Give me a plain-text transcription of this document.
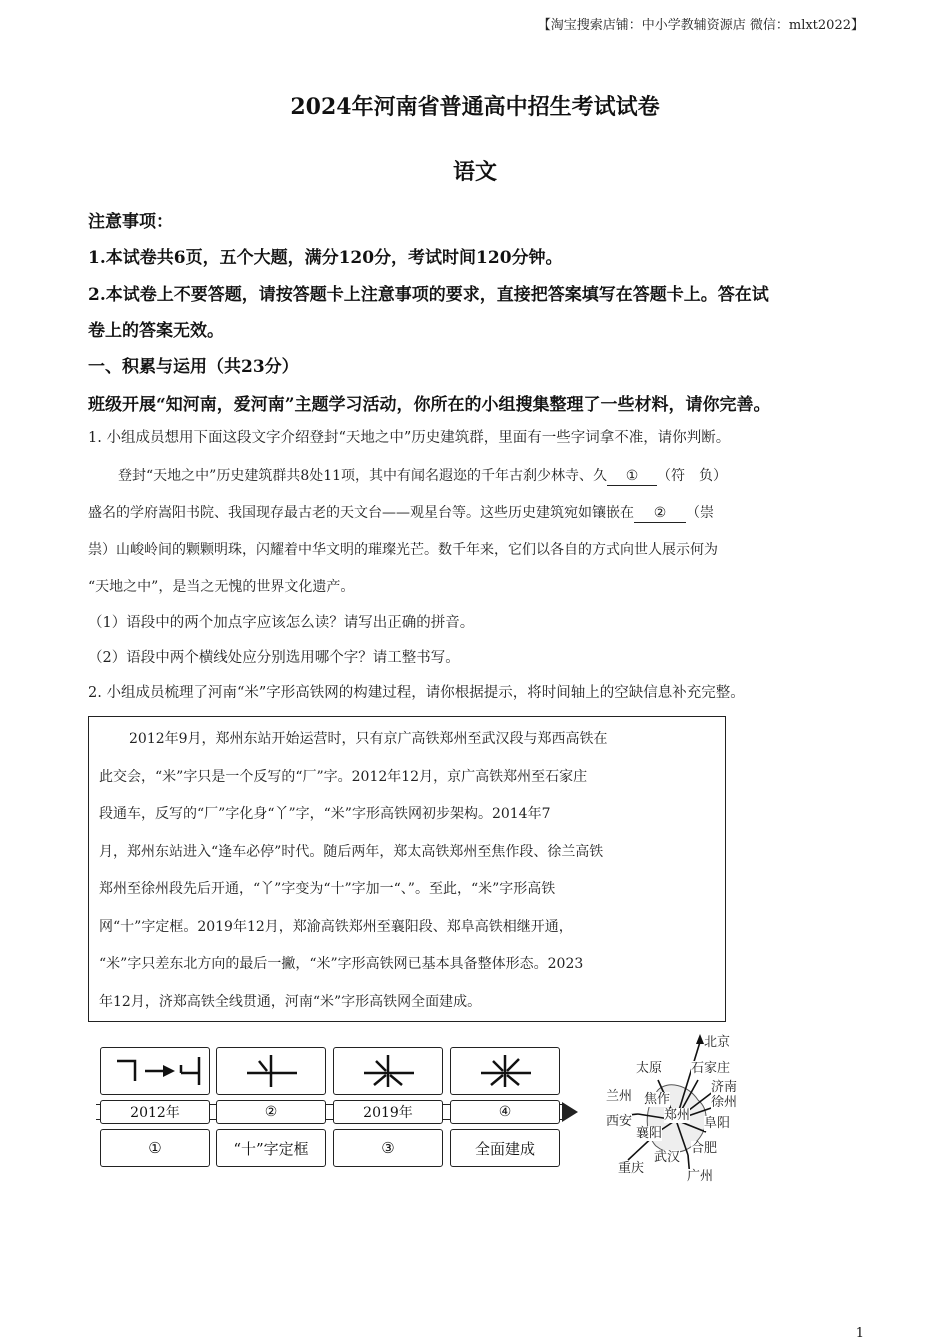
【淘宝搜索店铺：中小学教辅资源店 微信：mlxt2022】
2024年河南省普通高中招生考试试卷
语文
注意事项：
1.本试卷共6页，五个大题，满分120分，考试时间120分钟。
2.本试卷上不要答题，请按答题卡上注意事项的要求，直接把答案填写在答题卡上。答在试
卷上的答案无效。
一、积累与运用（共23分）
班级开展“知河南，爱河南”主题学习活动，你所在的小组搜集整理了一些材料，请你完善。
1. 小组成员想用下面这段文字介绍登封“天地之中”历史建筑群，里面有一些字词拿不准，请你判断。
登封“天地之中”历史建筑群共8处11项，其中有闻名遐迩的千年古刹少林寺、久 ① （符　负）
盛名的学府嵩阳书院、我国现存最古老的天文台——观星台等。这些历史建筑宛如镶嵌在 ② （崇
祟）山峻岭间的颗颗明珠，闪耀着中华文明的璀璨光芒。数千年来，它们以各自的方式向世人展示何为
“天地之中”，是当之无愧的世界文化遗产。
（1）语段中的两个加点字应该怎么读？请写出正确的拼音。
（2）语段中两个横线处应分别选用哪个字？请工整书写。
2. 小组成员梳理了河南“米”字形高铁网的构建过程，请你根据提示，将时间轴上的空缺信息补充完整。
2012年9月，郑州东站开始运营时，只有京广高铁郑州至武汉段与郑西高铁在
此交会，“米”字只是一个反写的“厂”字。2012年12月，京广高铁郑州至石家庄
段通车，反写的“厂”字化身“丫”字，“米”字形高铁网初步架构。2014年7
月，郑州东站进入“逢车必停”时代。随后两年，郑太高铁郑州至焦作段、徐兰高铁
郑州至徐州段先后开通，“丫”字变为“十”字加一“、”。至此，“米”字形高铁
网“十”字定框。2019年12月，郑渝高铁郑州至襄阳段、郑阜高铁相继开通，
“米”字只差东北方向的最后一撇，“米”字形高铁网已基本具备整体形态。2023
年12月，济郑高铁全线贯通，河南“米”字形高铁网全面建成。
2012年	②	2019年	④
①	“十”字定框	③	全面建成
北京
太原 石家庄
济南
兰州 焦作	徐州
郑州
西安	阜阳
襄阳
合肥
武汉
重庆
广州
1
